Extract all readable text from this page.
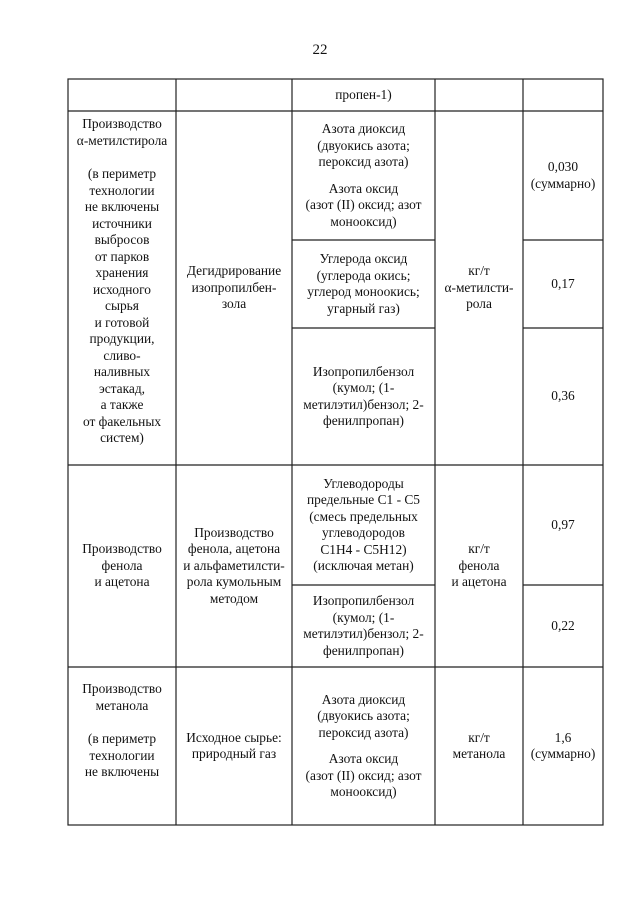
22
пропен-1)
Производство
α-метилстирола
(в периметр
технологии
не включены
источники
выбросов
от парков
хранения
исходного
сырья
и готовой
продукции,
сливо-
наливных
эстакад,
а также
от факельных
систем)
Дегидрирование
изопропилбен-
зола
Азота диоксид
(двуокись азота;
пероксид азота)
Азота оксид
(азот (II) оксид; азот
монооксид)
Углерода оксид
(углерода окись;
углерод моноокись;
угарный газ)
Изопропилбензол
(кумол; (1-
метилэтил)бензол; 2-
фенилпропан)
кг/т
α-метилсти-
рола
0,030
(суммарно)
0,17
0,36
Производство
фенола
и ацетона
Производство
фенола, ацетона
и альфаметилсти-
рола кумольным
методом
Углеводороды
предельные С1 - С5
(смесь предельных
углеводородов
С1Н4 - С5Н12)
(исключая метан)
Изопропилбензол
(кумол; (1-
метилэтил)бензол; 2-
фенилпропан)
кг/т
фенола
и ацетона
0,97
0,22
Производство
метанола
(в периметр
технологии
не включены
Исходное сырье:
природный газ
Азота диоксид
(двуокись азота;
пероксид азота)
Азота оксид
(азот (II) оксид; азот
монооксид)
кг/т
метанола
1,6
(суммарно)
